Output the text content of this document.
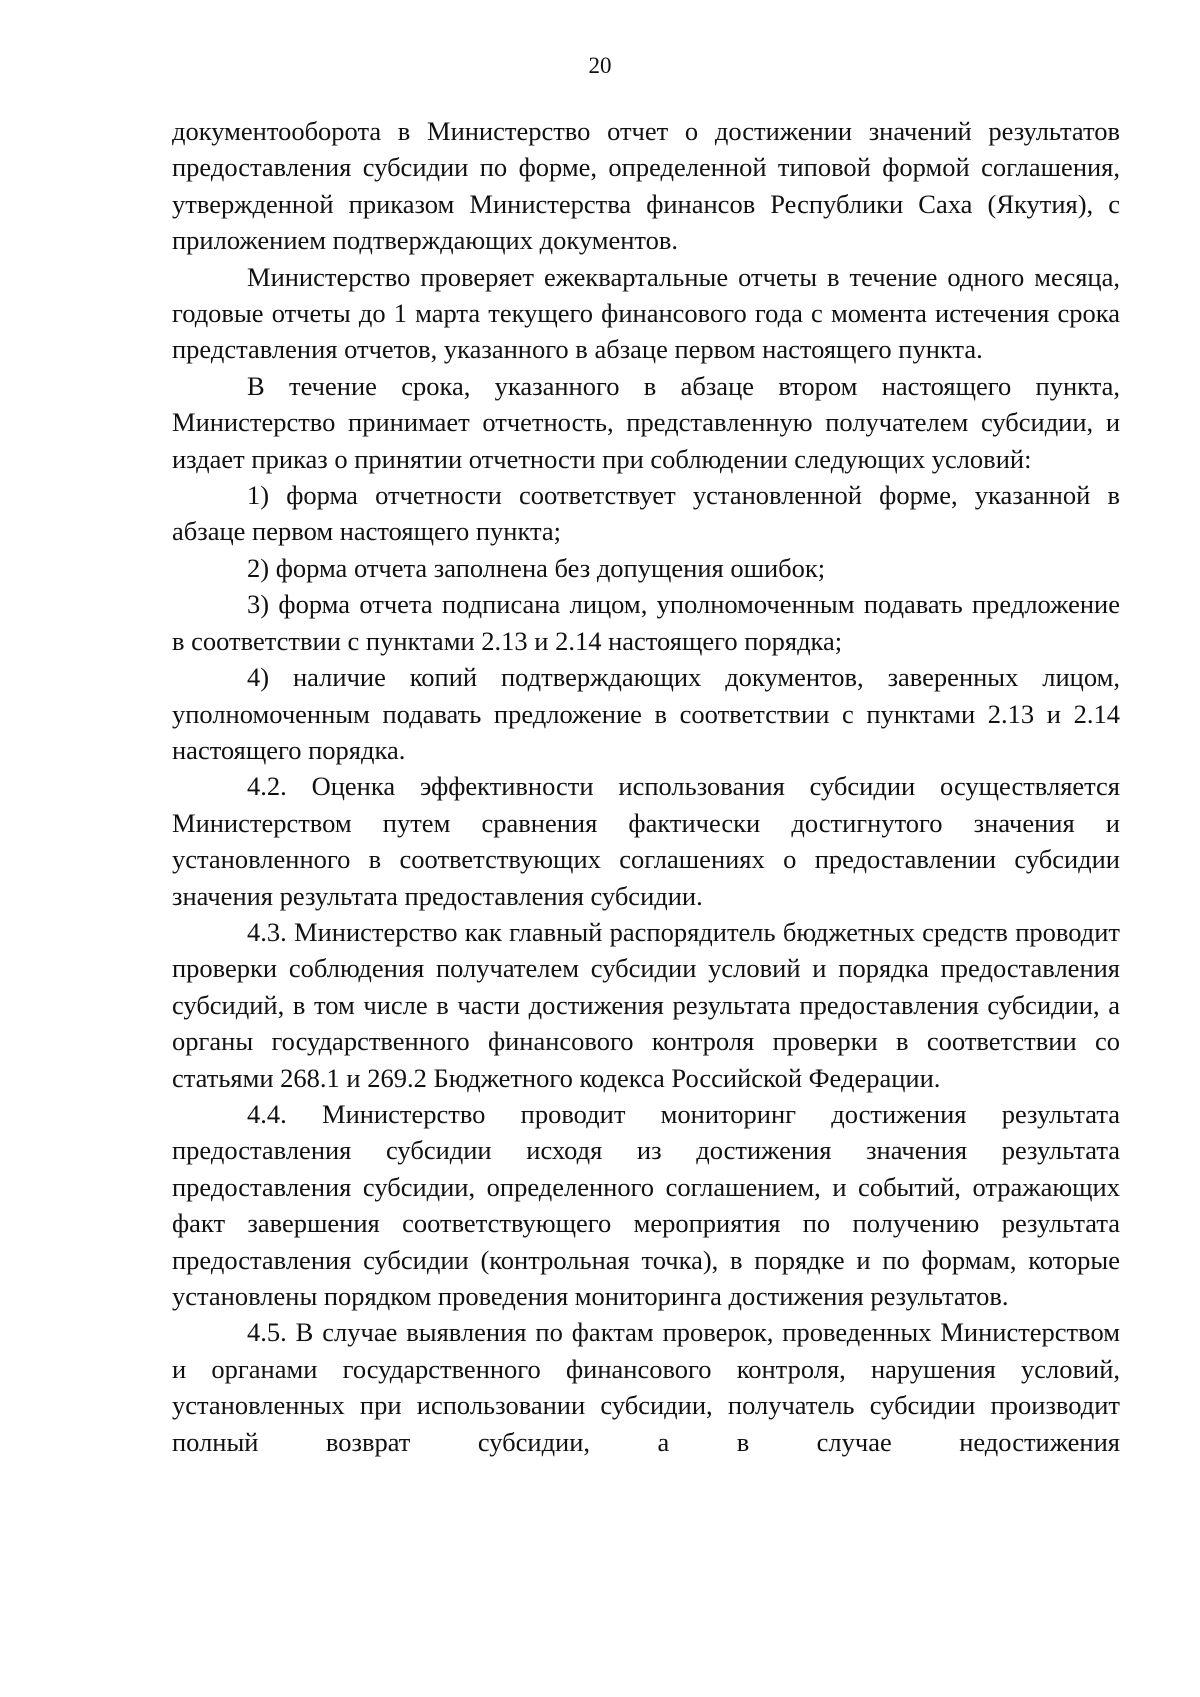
20

документооборота в Министерство отчет о достижении значений результатов предоставления субсидии по форме, определенной типовой формой соглашения, утвержденной приказом Министерства финансов Республики Саха (Якутия), с приложением подтверждающих документов.

Министерство проверяет ежеквартальные отчеты в течение одного месяца, годовые отчеты до 1 марта текущего финансового года с момента истечения срока представления отчетов, указанного в абзаце первом настоящего пункта.

В течение срока, указанного в абзаце втором настоящего пункта, Министерство принимает отчетность, представленную получателем субсидии, и издает приказ о принятии отчетности при соблюдении следующих условий:

1) форма отчетности соответствует установленной форме, указанной в абзаце первом настоящего пункта;

2) форма отчета заполнена без допущения ошибок;

3) форма отчета подписана лицом, уполномоченным подавать предложение в соответствии с пунктами 2.13 и 2.14 настоящего порядка;

4) наличие копий подтверждающих документов, заверенных лицом, уполномоченным подавать предложение в соответствии с пунктами 2.13 и 2.14 настоящего порядка.

4.2. Оценка эффективности использования субсидии осуществляется Министерством путем сравнения фактически достигнутого значения и установленного в соответствующих соглашениях о предоставлении субсидии значения результата предоставления субсидии.

4.3. Министерство как главный распорядитель бюджетных средств проводит проверки соблюдения получателем субсидии условий и порядка предоставления субсидий, в том числе в части достижения результата предоставления субсидии, а органы государственного финансового контроля проверки в соответствии со статьями 268.1 и 269.2 Бюджетного кодекса Российской Федерации.

4.4. Министерство проводит мониторинг достижения результата предоставления субсидии исходя из достижения значения результата предоставления субсидии, определенного соглашением, и событий, отражающих факт завершения соответствующего мероприятия по получению результата предоставления субсидии (контрольная точка), в порядке и по формам, которые установлены порядком проведения мониторинга достижения результатов.

4.5. В случае выявления по фактам проверок, проведенных Министерством и органами государственного финансового контроля, нарушения условий, установленных при использовании субсидии, получатель субсидии производит полный возврат субсидии, а в случае недостижения
